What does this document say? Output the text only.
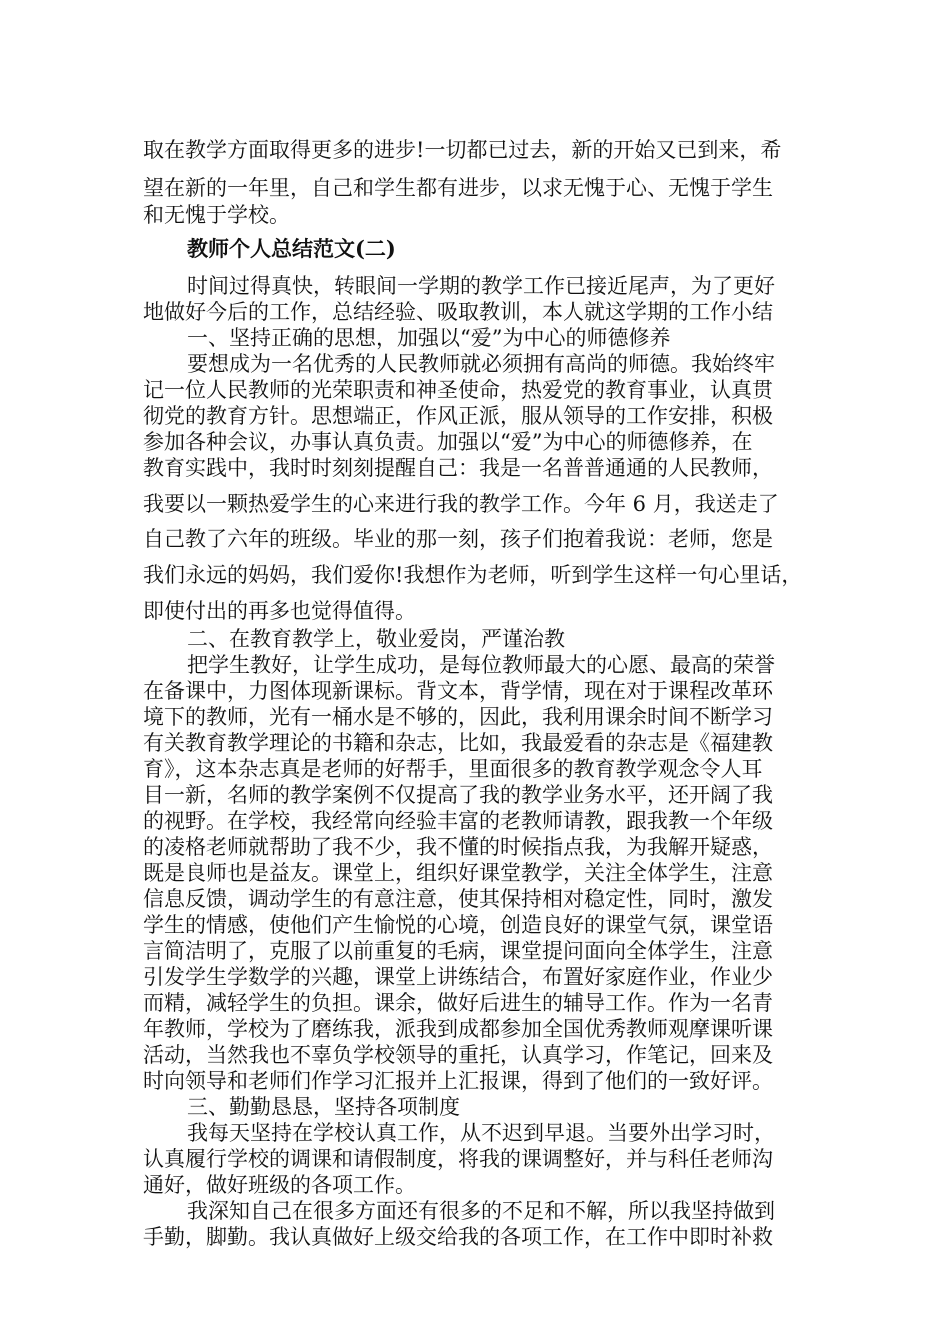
取在教学方面取得更多的进步!一切都已过去，新的开始又已到来，希
望在新的一年里，自己和学生都有进步，以求无愧于心、无愧于学生
和无愧于学校。
教师个人总结范文(二)
时间过得真快，转眼间一学期的教学工作已接近尾声，为了更好
地做好今后的工作，总结经验、吸取教训，本人就这学期的工作小结
一、坚持正确的思想，加强以“爱”为中心的师德修养
要想成为一名优秀的人民教师就必须拥有高尚的师德。我始终牢
记一位人民教师的光荣职责和神圣使命，热爱党的教育事业，认真贯
彻党的教育方针。思想端正，作风正派，服从领导的工作安排，积极
参加各种会议，办事认真负责。加强以“爱”为中心的师德修养，在
教育实践中，我时时刻刻提醒自己：我是一名普普通通的人民教师，
我要以一颗热爱学生的心来进行我的教学工作。今年 6 月，我送走了
自己教了六年的班级。毕业的那一刻，孩子们抱着我说：老师，您是
我们永远的妈妈，我们爱你!我想作为老师，听到学生这样一句心里话，
即使付出的再多也觉得值得。
二、在教育教学上，敬业爱岗，严谨治教
把学生教好，让学生成功，是每位教师最大的心愿、最高的荣誉
在备课中，力图体现新课标。背文本，背学情，现在对于课程改革环
境下的教师，光有一桶水是不够的，因此，我利用课余时间不断学习
有关教育教学理论的书籍和杂志，比如，我最爱看的杂志是《福建教
育》，这本杂志真是老师的好帮手，里面很多的教育教学观念令人耳
目一新，名师的教学案例不仅提高了我的教学业务水平，还开阔了我
的视野。在学校，我经常向经验丰富的老教师请教，跟我教一个年级
的凌格老师就帮助了我不少，我不懂的时候指点我，为我解开疑惑，
既是良师也是益友。课堂上，组织好课堂教学，关注全体学生，注意
信息反馈，调动学生的有意注意，使其保持相对稳定性，同时，激发
学生的情感，使他们产生愉悦的心境，创造良好的课堂气氛，课堂语
言简洁明了，克服了以前重复的毛病，课堂提问面向全体学生，注意
引发学生学数学的兴趣，课堂上讲练结合，布置好家庭作业，作业少
而精，减轻学生的负担。课余，做好后进生的辅导工作。作为一名青
年教师，学校为了磨练我，派我到成都参加全国优秀教师观摩课听课
活动，当然我也不辜负学校领导的重托，认真学习，作笔记，回来及
时向领导和老师们作学习汇报并上汇报课，得到了他们的一致好评。
三、勤勤恳恳，坚持各项制度
我每天坚持在学校认真工作，从不迟到早退。当要外出学习时，
认真履行学校的调课和请假制度，将我的课调整好，并与科任老师沟
通好，做好班级的各项工作。
我深知自己在很多方面还有很多的不足和不解，所以我坚持做到
手勤，脚勤。我认真做好上级交给我的各项工作，在工作中即时补救
